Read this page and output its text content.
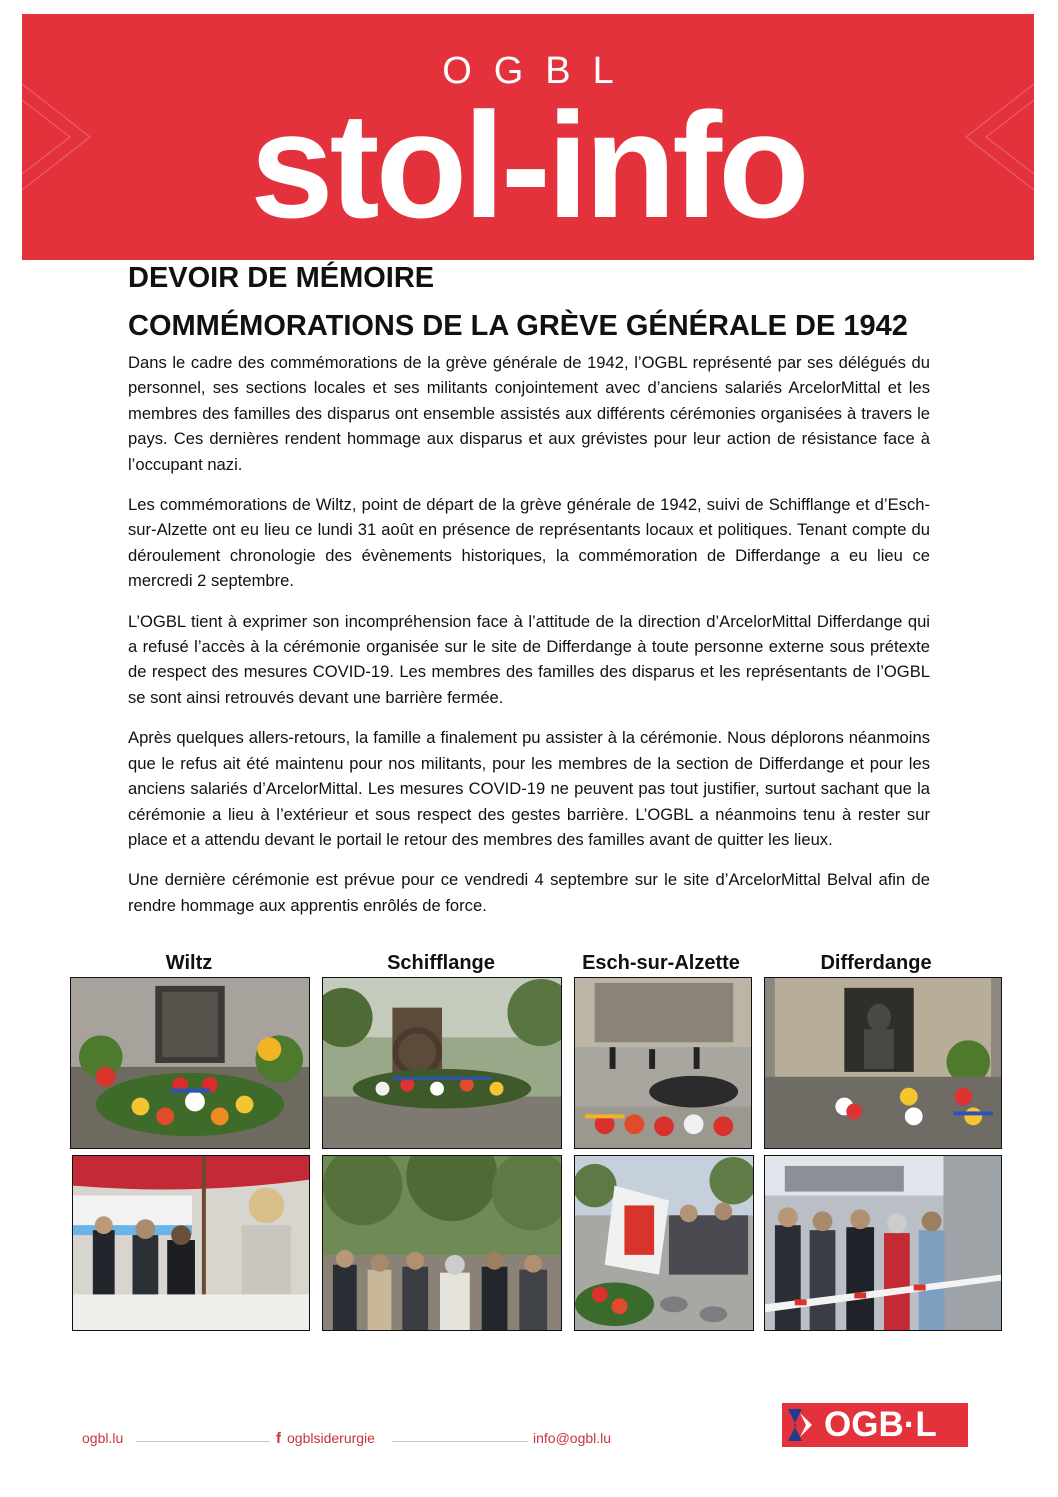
OGBL
stol-info
DEVOIR DE MÉMOIRE
COMMÉMORATIONS DE LA GRÈVE GÉNÉRALE DE 1942

Dans le cadre des commémorations de la grève générale de 1942, l’OGBL représenté par ses délégués du personnel, ses sections locales et ses militants conjointement avec d’anciens salariés ArcelorMittal et les membres des familles des disparus ont ensemble assistés aux différents cérémonies organisées à travers le pays. Ces dernières rendent hommage aux disparus et aux grévistes pour leur action de résistance face à l’occupant nazi.

Les commémorations de Wiltz, point de départ de la grève générale de 1942, suivi de Schifflange et d’Esch-sur-Alzette ont eu lieu ce lundi 31 août en présence de représentants locaux et politiques. Tenant compte du déroulement chronologie des évènements historiques, la commémoration de Differdange a eu lieu ce mercredi 2 septembre.

L’OGBL tient à exprimer son incompréhension face à l’attitude de la direction d’ArcelorMittal Differdange qui a refusé l’accès à la cérémonie organisée sur le site de Differdange à toute personne externe sous prétexte de respect des mesures COVID-19. Les membres des familles des disparus et les représentants de l’OGBL se sont ainsi retrouvés devant une barrière fermée.

Après quelques allers-retours, la famille a finalement pu assister à la cérémonie. Nous déplorons néanmoins que le refus ait été maintenu pour nos militants, pour les membres de la section de Differdange et pour les anciens salariés d’ArcelorMittal. Les mesures COVID-19 ne peuvent pas tout justifier, surtout sachant que la cérémonie a lieu à l’extérieur et sous respect des gestes barrière. L’OGBL a néanmoins tenu à rester sur place et a attendu devant le portail le retour des membres des familles avant de quitter les lieux.

Une dernière cérémonie est prévue pour ce vendredi 4 septembre sur le site d’ArcelorMittal Belval afin de rendre hommage aux apprentis enrôlés de force.

Wiltz	Schifflange	Esch-sur-Alzette	Differdange
ogbl.lu	f ogblsiderurgie	info@ogbl.lu	OGB·L
